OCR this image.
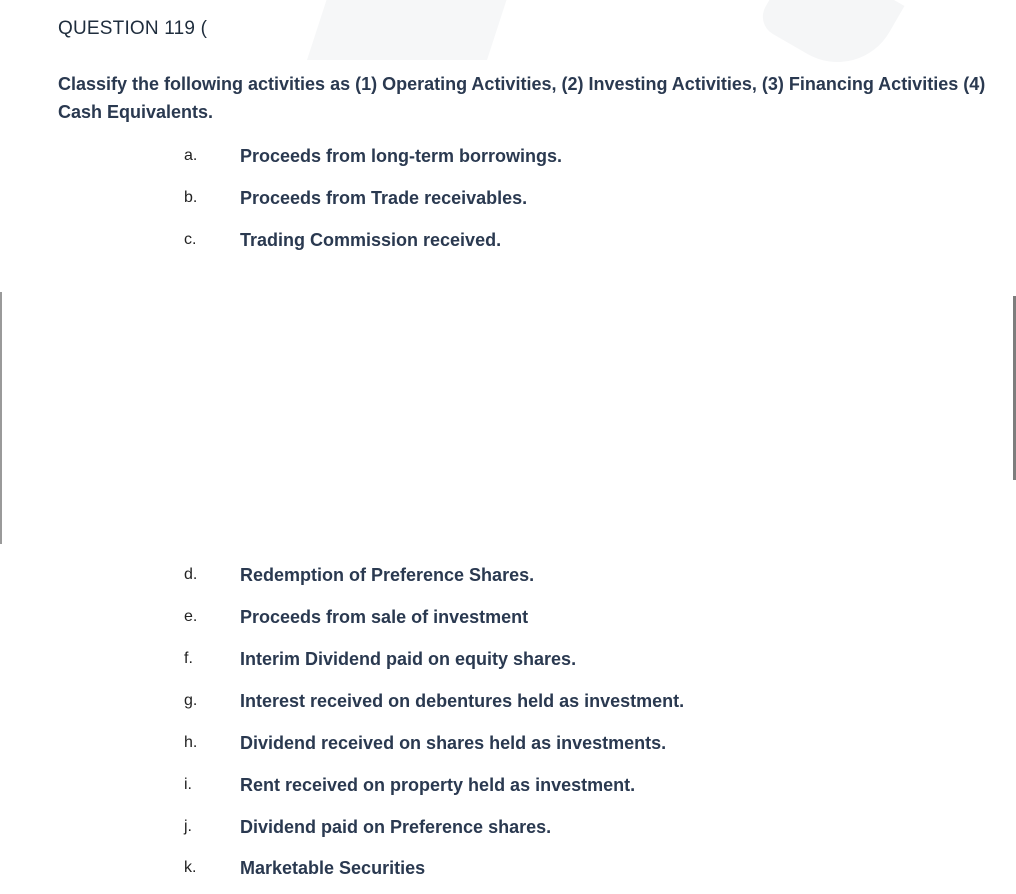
QUESTION 119 (
Classify the following activities as (1) Operating Activities, (2) Investing Activities, (3) Financing Activities (4) Cash Equivalents.
a. Proceeds from long-term borrowings.
b. Proceeds from Trade receivables.
c. Trading Commission received.
d. Redemption of Preference Shares.
e. Proceeds from sale of investment
f.	Interim Dividend paid on equity shares.
g. Interest received on debentures held as investment.
h. Dividend received on shares held as investments.
i.	Rent received on property held as investment.
j.	Dividend paid on Preference shares.
k. Marketable Securities
